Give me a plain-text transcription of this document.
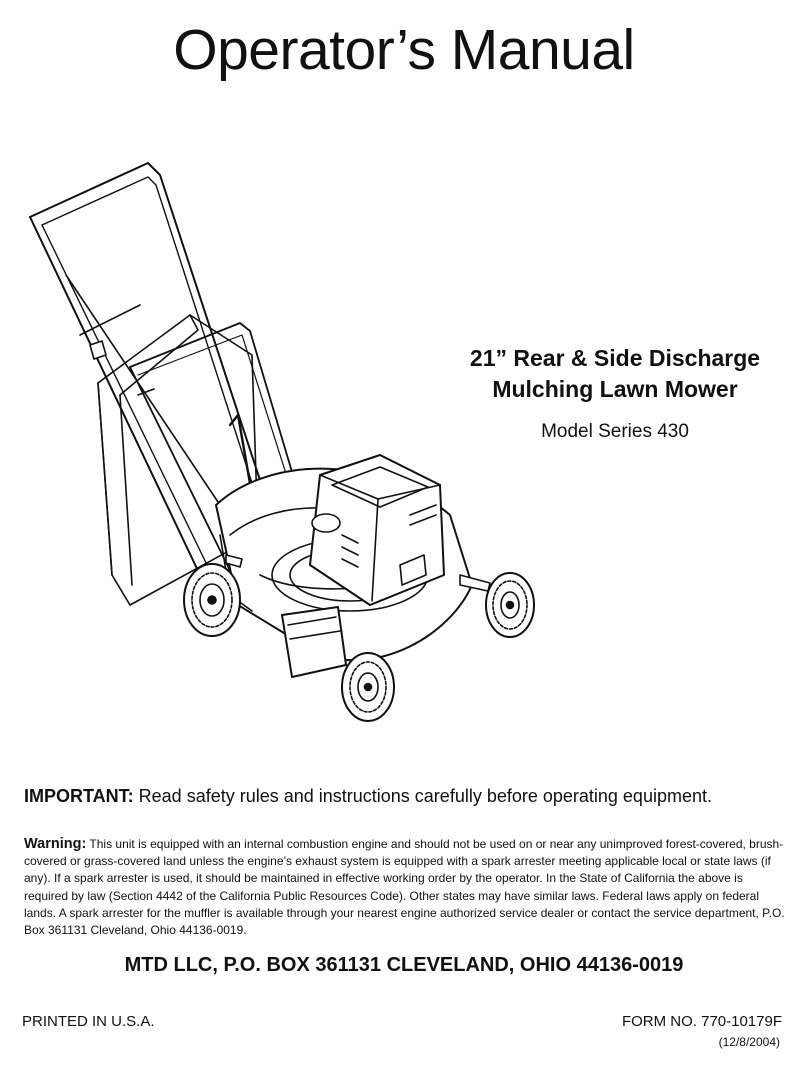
Operator’s Manual
21” Rear & Side Discharge
Mulching Lawn Mower
Model Series 430
IMPORTANT: Read safety rules and instructions carefully before operating equipment.
Warning: This unit is equipped with an internal combustion engine and should not be used on or near any unimproved forest-covered, brush-covered or grass-covered land unless the engine’s exhaust system is equipped with a spark arrester meeting applicable local or state laws (if any). If a spark arrester is used, it should be maintained in effective working order by the operator. In the State of California the above is required by law (Section 4442 of the California Public Resources Code). Other states may have similar laws. Federal laws apply on federal lands. A spark arrester for the muffler is available through your nearest engine authorized service dealer or contact the service department, P.O. Box 361131 Cleveland, Ohio 44136-0019.
MTD LLC, P.O. BOX 361131 CLEVELAND, OHIO 44136-0019
PRINTED IN U.S.A.	FORM NO. 770-10179F
(12/8/2004)
